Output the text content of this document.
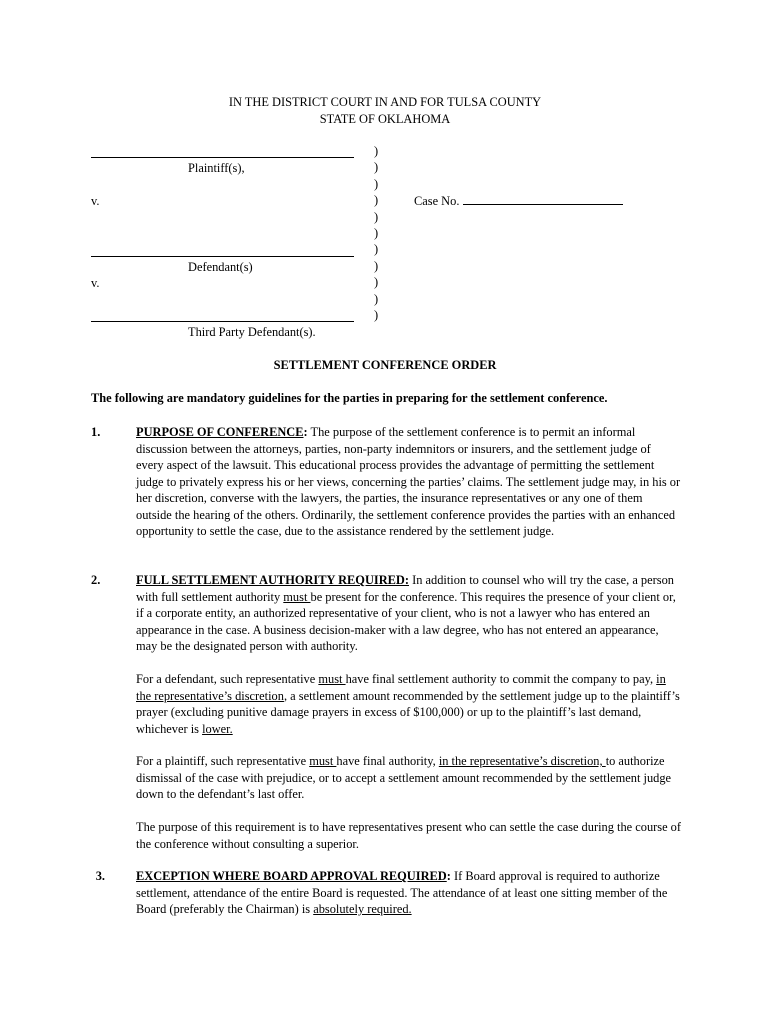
IN THE DISTRICT COURT IN AND FOR TULSA COUNTY
STATE OF OKLAHOMA
Plaintiff(s),
v.
Defendant(s)
v.
Third Party Defendant(s).
)
)
)
)
)
)
)
)
)
)
)
Case No.
SETTLEMENT CONFERENCE ORDER
The following are mandatory guidelines for the parties in preparing for the settlement conference.
1.	PURPOSE OF CONFERENCE: The purpose of the settlement conference is to permit an informal discussion between the attorneys, parties, non-party indemnitors or insurers, and the settlement judge of every aspect of the lawsuit. This educational process provides the advantage of permitting the settlement judge to privately express his or her views, concerning the parties’ claims. The settlement judge may, in his or her discretion, converse with the lawyers, the parties, the insurance representatives or any one of them outside the hearing of the others. Ordinarily, the settlement conference provides the parties with an enhanced opportunity to settle the case, due to the assistance rendered by the settlement judge.

2.	FULL SETTLEMENT AUTHORITY REQUIRED: In addition to counsel who will try the case, a person with full settlement authority must be present for the conference. This requires the presence of your client or, if a corporate entity, an authorized representative of your client, who is not a lawyer who has entered an appearance in the case. A business decision-maker with a law degree, who has not entered an appearance, may be the designated person with authority.

For a defendant, such representative must have final settlement authority to commit the company to pay, in the representative’s discretion, a settlement amount recommended by the settlement judge up to the plaintiff’s prayer (excluding punitive damage prayers in excess of $100,000) or up to the plaintiff’s last demand, whichever is lower.

For a plaintiff, such representative must have final authority, in the representative’s discretion, to authorize dismissal of the case with prejudice, or to accept a settlement amount recommended by the settlement judge down to the defendant’s last offer.

The purpose of this requirement is to have representatives present who can settle the case during the course of the conference without consulting a superior.

3.	EXCEPTION WHERE BOARD APPROVAL REQUIRED: If Board approval is required to authorize settlement, attendance of the entire Board is requested. The attendance of at least one sitting member of the Board (preferably the Chairman) is absolutely required.
